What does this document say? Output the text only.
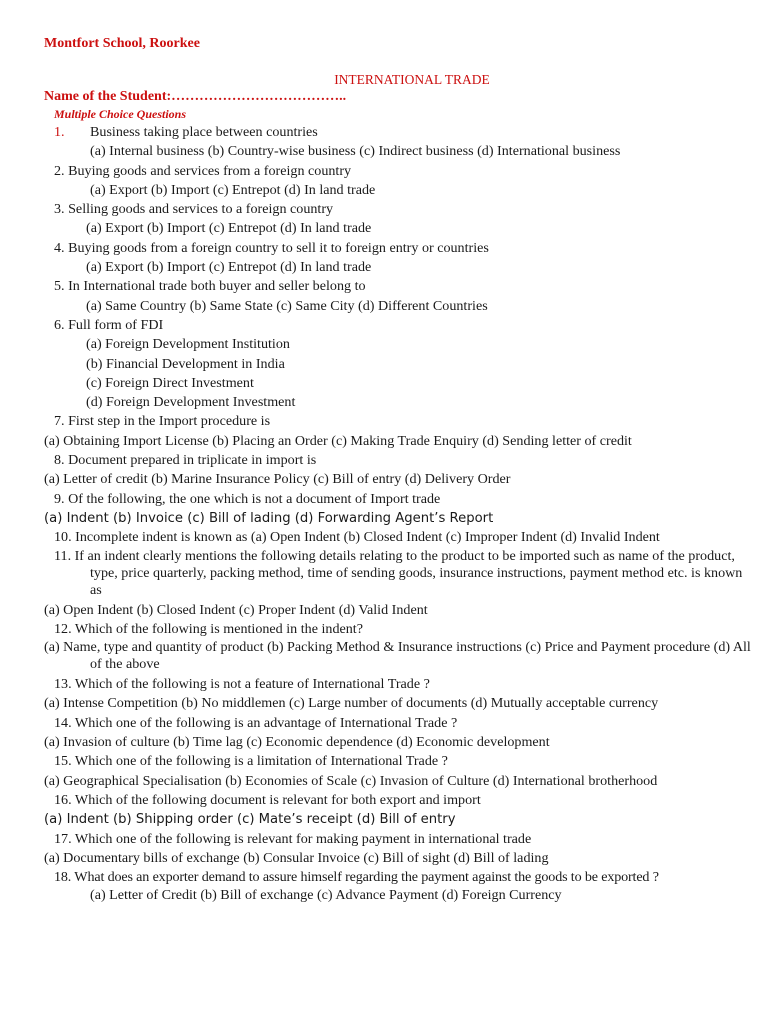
Montfort School, Roorkee
INTERNATIONAL TRADE
Name of the Student:………………………………..
Multiple Choice Questions
1. Business taking place between countries
(a) Internal business (b) Country-wise business (c) Indirect business (d) International business
2. Buying goods and services from a foreign country
(a) Export (b) Import (c) Entrepot (d) In land trade
3. Selling goods and services to a foreign country
(a) Export (b) Import (c) Entrepot (d) In land trade
4. Buying goods from a foreign country to sell it to foreign entry or countries
(a) Export (b) Import (c) Entrepot (d) In land trade
5. In International trade both buyer and seller belong to
(a) Same Country (b) Same State (c) Same City (d) Different Countries
6. Full form of FDI
(a) Foreign Development Institution
(b) Financial Development in India
(c) Foreign Direct Investment
(d) Foreign Development Investment
7. First step in the Import procedure is
(a) Obtaining Import License (b) Placing an Order (c) Making Trade Enquiry (d) Sending letter of credit
8. Document prepared in triplicate in import is
(a) Letter of credit (b) Marine Insurance Policy (c) Bill of entry (d) Delivery Order
9. Of the following, the one which is not a document of Import trade
(a) Indent (b) Invoice (c) Bill of lading (d) Forwarding Agent’s Report
10. Incomplete indent is known as (a) Open Indent (b) Closed Indent (c) Improper Indent (d) Invalid Indent
11. If an indent clearly mentions the following details relating to the product to be imported such as name of the product, type, price quarterly, packing method, time of sending goods, insurance instructions, payment method etc. is known as
(a) Open Indent (b) Closed Indent (c) Proper Indent (d) Valid Indent
12. Which of the following is mentioned in the indent?
(a) Name, type and quantity of product (b) Packing Method & Insurance instructions (c) Price and Payment procedure (d) All of the above
13. Which of the following is not a feature of International Trade ?
(a) Intense Competition (b) No middlemen (c) Large number of documents (d) Mutually acceptable currency
14. Which one of the following is an advantage of International Trade ?
(a) Invasion of culture (b) Time lag (c) Economic dependence (d) Economic development
15. Which one of the following is a limitation of International Trade ?
(a) Geographical Specialisation (b) Economies of Scale (c) Invasion of Culture (d) International brotherhood
16. Which of the following document is relevant for both export and import
(a) Indent (b) Shipping order (c) Mate’s receipt (d) Bill of entry
17. Which one of the following is relevant for making payment in international trade
(a) Documentary bills of exchange (b) Consular Invoice (c) Bill of sight (d) Bill of lading
18. What does an exporter demand to assure himself regarding the payment against the goods to be exported ?
(a) Letter of Credit (b) Bill of exchange (c) Advance Payment (d) Foreign Currency
